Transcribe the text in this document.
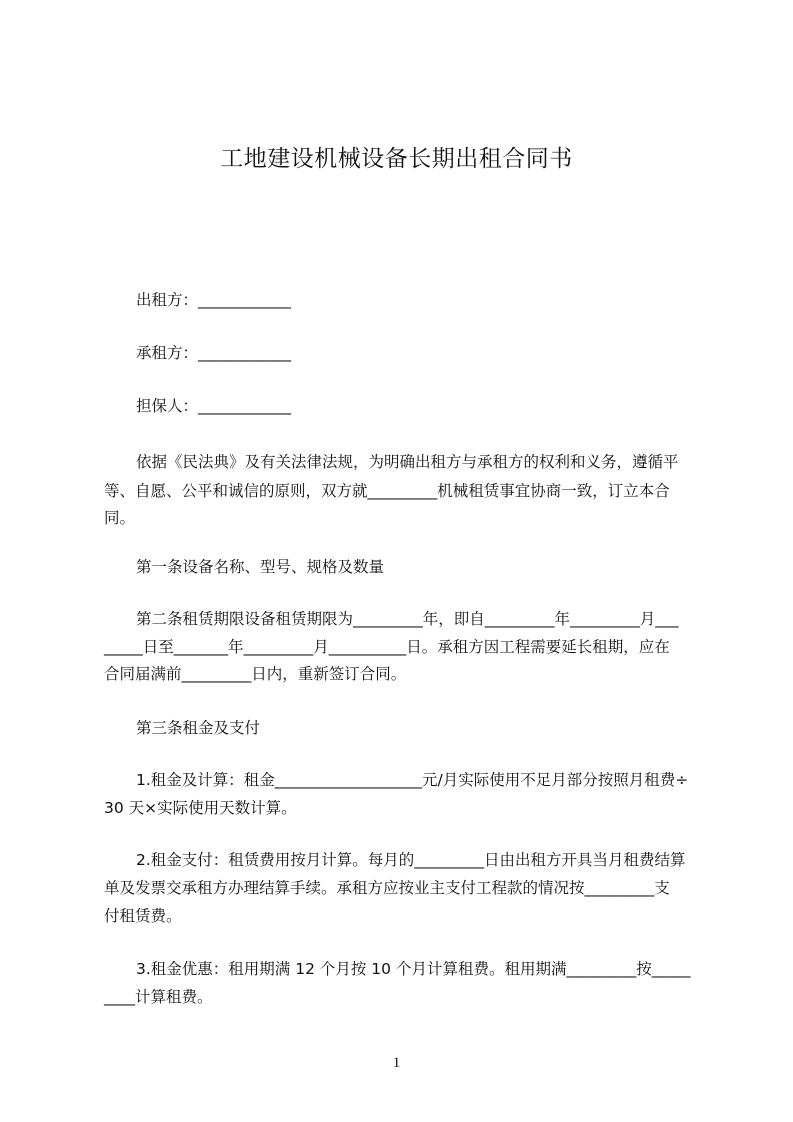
工地建设机械设备长期出租合同书
出租方：____________
承租方：____________
担保人：____________
依据《民法典》及有关法律法规，为明确出租方与承租方的权利和义务，遵循平
等、自愿、公平和诚信的原则，双方就_________机械租赁事宜协商一致，订立本合
同。
第一条设备名称、型号、规格及数量
第二条租赁期限设备租赁期限为_________年，即自_________年_________月___
_____日至_______年_________月__________日。承租方因工程需要延长租期，应在
合同届满前_________日内，重新签订合同。
第三条租金及支付
1.租金及计算：租金___________________元/月实际使用不足月部分按照月租费÷
30 天×实际使用天数计算。
2.租金支付：租赁费用按月计算。每月的_________日由出租方开具当月租费结算
单及发票交承租方办理结算手续。承租方应按业主支付工程款的情况按_________支
付租赁费。
3.租金优惠：租用期满 12 个月按 10 个月计算租费。租用期满_________按_____
____计算租费。
1
